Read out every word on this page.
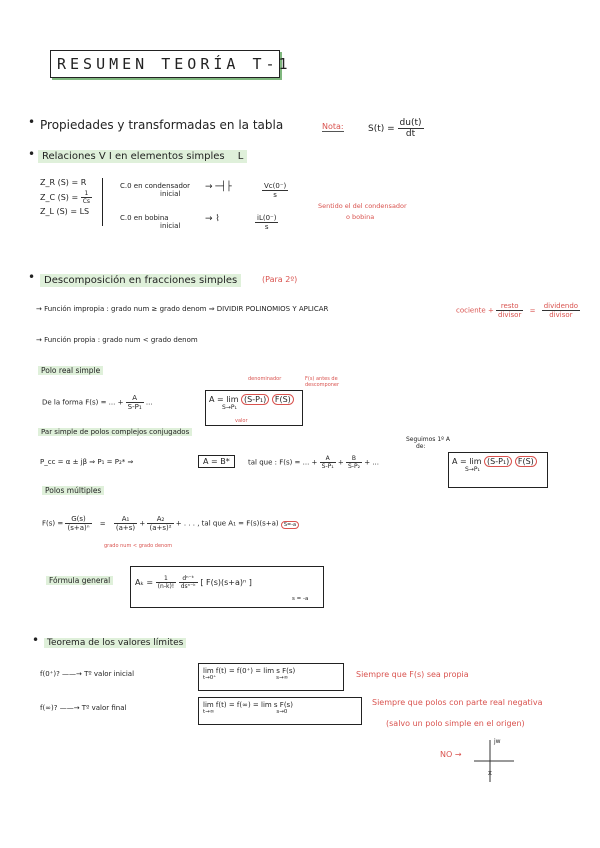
RESUMEN TEORÍA T-1
• Propiedades y transformadas en la tabla	Nota:	$S(t) = \frac{du(t)}{dt}$
• Relaciones V I en elementos simples L
Z_R (S) = R
Z_C $(S) = \frac{1}{Cs}$
Z_L (S) = LS
C.0 en condensador
inicial
→ ─┤├	$\frac{Vc(0^-)}{s}$
C.0 en bobina
inicial
→ ⌇	$\frac{iL(0^-)}{s}$
Sentido el del condensador
o bobina
• Descomposición en fracciones simples	(Para 2º)
→ Función impropia : grado num ≥ grado denom ⇒ DIVIDIR POLINOMIOS Y APLICAR	cociente + $\frac{\text{resto}}{\text{divisor}} = \frac{\text{dividendo}}{\text{divisor}}$
→ Función propia : grado num < grado denom
Polo real simple
De la forma F(s) = ... + $\frac{A}{\text{S-P₁}}$ ...
denominador	F(s) antes de
descomponer
A = lim (S-P₁) F(S)
S→P₁
valor
Par simple de polos complejos conjugados
P_cc = α ± jβ ⇒ P₁ = P₂* ⇒	A = B*	tal que : F(s) = ... + $\frac{A}{\text{S-P₁}} + \frac{B}{\text{S-P₂}}$ + ...
Seguimos 1º A
de:
A = lim (S-P₁) F(S)
S→P₁
Polos múltiples
$F(s) = \frac{G(s)}{\text{(s+a)ⁿ}} = \frac{\text{A₁}}{(a+s)} + \frac{\text{A₂}}{\text{(a+s)²}}$ + . . . , tal que A₁ = F(s)(s+a) S=-a
grado num < grado denom
Fórmula general	$A_k = \frac{1}{(n-k)!}$
$\frac{\text{dⁿ⁻ᵏ}}{\text{dsⁿ⁻ᵏ}}$ [ F(s)(s+a)ⁿ ]
s = -a
• Teorema de los valores límites
f(0⁺)? ——→ Tº valor inicial	lim f(t) = f(0⁺) = lim s F(s)
t→0⁺	s→∞	Siempre que F(s) sea propia
f(∞)? ——→ Tº valor final	lim f(t) = f(∞) = lim s F(s)
t→∞	s→0
Siempre que polos con parte real negativa
(salvo un polo simple en el origen)
NO →
x
jw
